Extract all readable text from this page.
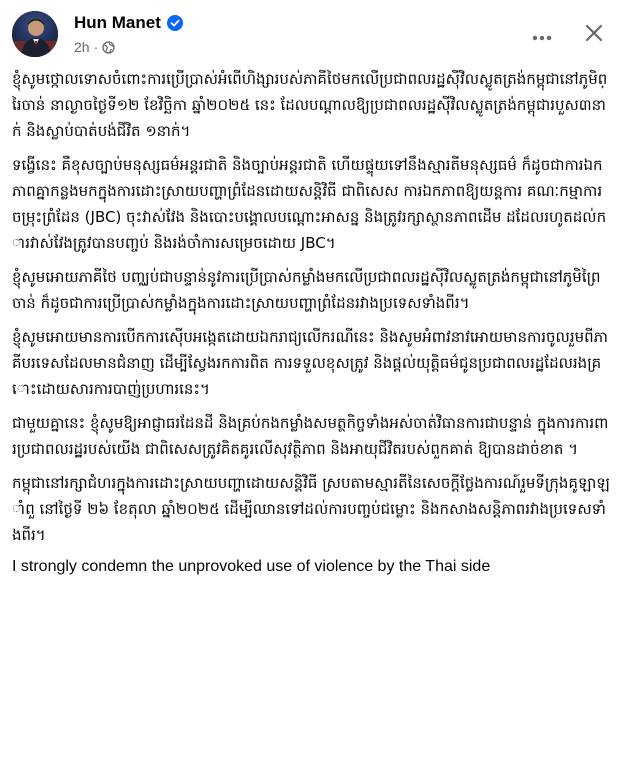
Hun Manet
2h ·

ខ្ញុំសូមថ្កោលទោសចំពោះការប្រើប្រាស់អំពើហិង្សារបស់ភាគីថៃមកលើប្រជាពលរដ្ឋស៊ីវិលស្លូតត្រង់កម្ពុជានៅភូមិព្រៃចាន់ នាល្ងាចថ្ងៃទី១២ ខែវិច្ឆិកា ឆ្នាំ២០២៥ នេះ ដែលបណ្តាលឱ្យប្រជាពលរដ្ឋស៊ីវិលស្លូតត្រង់កម្ពុជារបួស៣នាក់ និងស្លាប់បាត់បង់ជីវិត ១នាក់។

ទង្វើនេះ គឺខុសច្បាប់មនុស្សធម៌អន្តរជាតិ និងច្បាប់អន្តរជាតិ ហើយផ្ទុយទៅនឹងស្មារតីមនុស្សធម៌ ក៏ដូចជាការឯកភាពគ្នាកន្លងមកក្នុងការដោះស្រាយបញ្ហាព្រំដែនដោយសន្តិវិធី ជាពិសេស ការឯកភាពឱ្យយន្តការ គណៈកម្មាការចម្រុះព្រំដែន (JBC) ចុះវាស់វែង និងបោះបង្គោលបណ្តោះអាសន្ន និងត្រូវរក្សាស្ថានភាពដើម ដដែលរហូតដល់ការវាស់វែងត្រូវបានបញ្ចប់ និងរង់ចាំការសម្រេចដោយ JBC។

ខ្ញុំសូមអោយភាគីថៃ បញ្ឈប់ជាបន្ទាន់នូវការប្រើប្រាស់កម្លាំងមកលើប្រជាពលរដ្ឋស៊ីវិលស្លូតត្រង់កម្ពុជានៅភូមិព្រៃចាន់ ក៏ដូចជាការប្រើប្រាស់កម្លាំងក្នុងការដោះស្រាយបញ្ហាព្រំដែនរវាងប្រទេសទាំងពីរ។

ខ្ញុំសូមអោយមានការបើកការស៊ើបអង្កេតដោយឯករាជ្យលើករណីនេះ និងសូមអំពាវនាវអោយមានការចូលរួមពីភាគីបរទេសដែលមានជំនាញ ដើម្បីស្វែងរកការពិត ការទទួលខុសត្រូវ និងផ្តល់យុត្តិធម៌ជូនប្រជាពលរដ្ឋដែលរងគ្រោះដោយសារការបាញ់ប្រហារនេះ។

ជាមួយគ្នានេះ ខ្ញុំសូមឱ្យអាជ្ញាធរដែនដី និងគ្រប់កងកម្លាំងសមត្ថកិច្ចទាំងអស់ចាត់វិធានការជាបន្ទាន់ ក្នុងការការពារប្រជាពលរដ្ឋរបស់យើង ជាពិសេសត្រូវគិតគូរលើសុវត្ថិភាព និងអាយុជីវិតរបស់ពួកគាត់ ឱ្យបានដាច់ខាត ។

កម្ពុជានៅរក្សាជំហរក្នុងការដោះស្រាយបញ្ហាដោយសន្តិវិធី ស្របតាមស្មារតីនៃសេចក្តីថ្លែងការណ៍រួមទីក្រុងគូឡាឡាំពួ នៅថ្ងៃទី ២៦ ខែតុលា ឆ្នាំ២០២៥ ដើម្បីឈានទៅដល់ការបញ្ចប់ជម្លោះ និងកសាងសន្តិភាពរវាងប្រទេសទាំងពីរ។

I strongly condemn the unprovoked use of violence by the Thai side
